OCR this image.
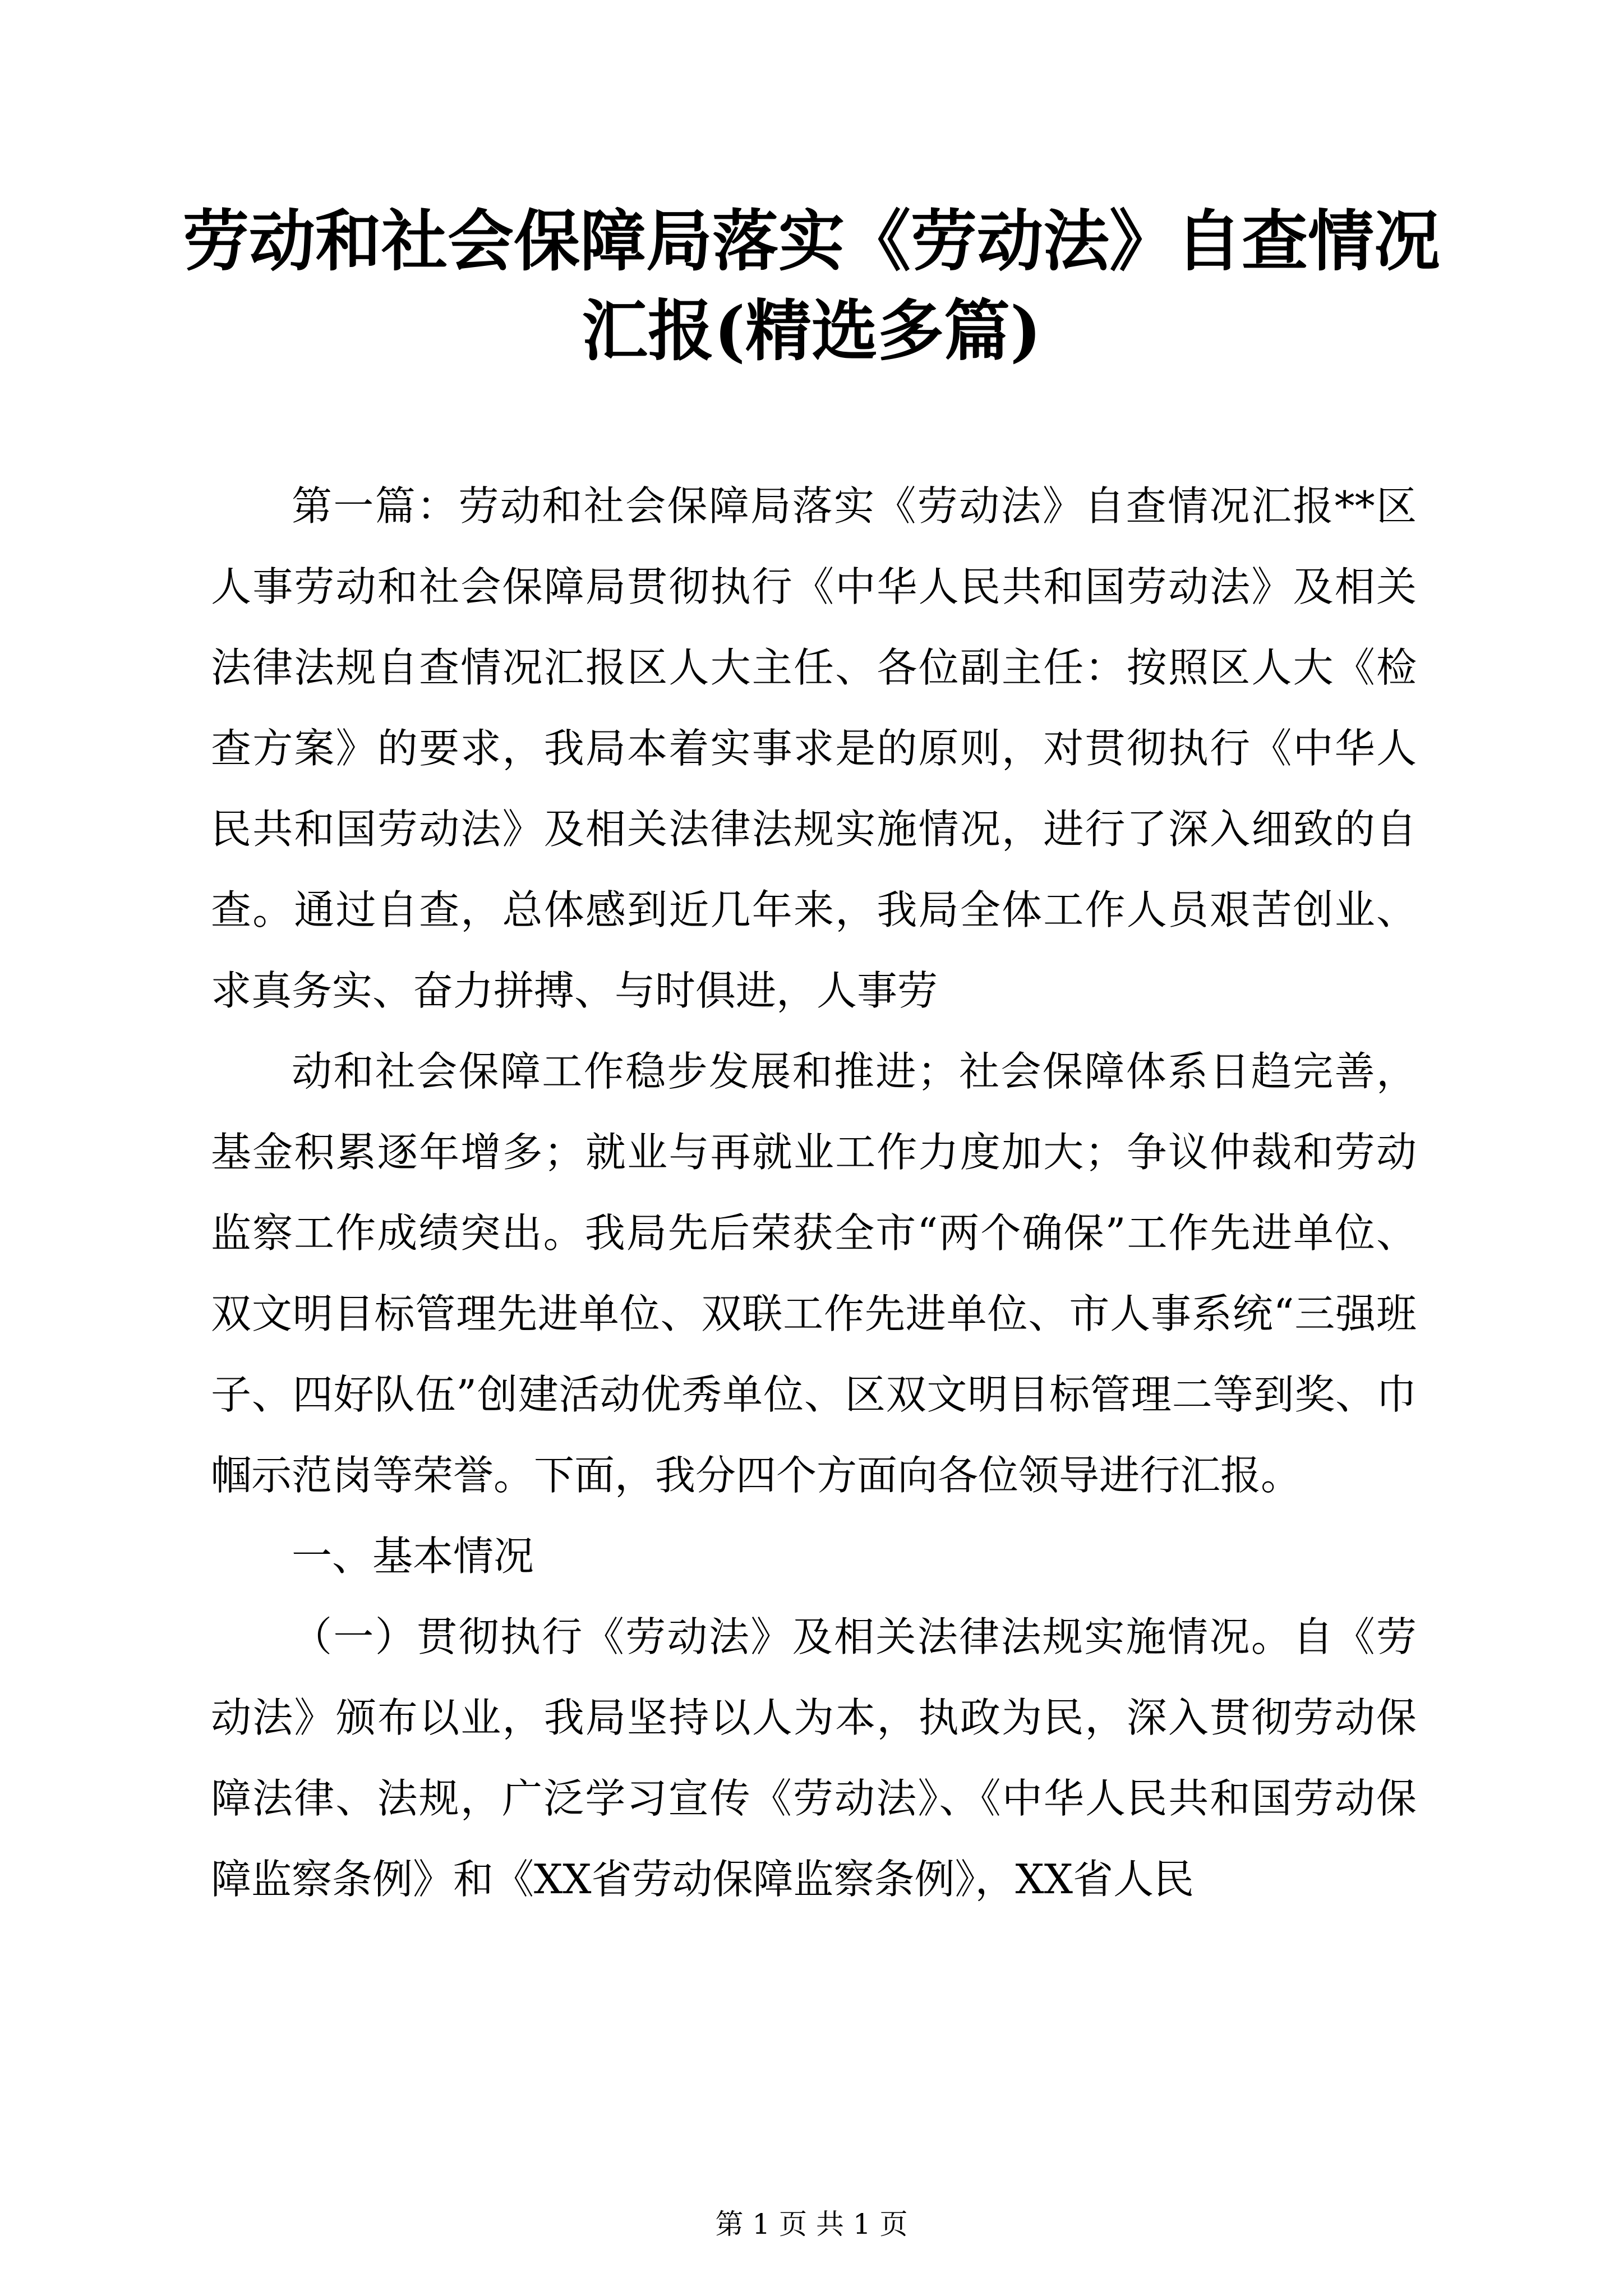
劳动和社会保障局落实《劳动法》自查情况汇报(精选多篇)

第一篇：劳动和社会保障局落实《劳动法》自查情况汇报**区人事劳动和社会保障局贯彻执行《中华人民共和国劳动法》及相关法律法规自查情况汇报区人大主任、各位副主任：按照区人大《检查方案》的要求，我局本着实事求是的原则，对贯彻执行《中华人民共和国劳动法》及相关法律法规实施情况，进行了深入细致的自查。通过自查，总体感到近几年来，我局全体工作人员艰苦创业、求真务实、奋力拼搏、与时俱进，人事劳

动和社会保障工作稳步发展和推进；社会保障体系日趋完善，基金积累逐年增多；就业与再就业工作力度加大；争议仲裁和劳动监察工作成绩突出。我局先后荣获全市“两个确保”工作先进单位、双文明目标管理先进单位、双联工作先进单位、市人事系统“三强班子、四好队伍”创建活动优秀单位、区双文明目标管理二等到奖、巾帼示范岗等荣誉。下面，我分四个方面向各位领导进行汇报。

一、基本情况

（一）贯彻执行《劳动法》及相关法律法规实施情况。自《劳动法》颁布以业，我局坚持以人为本，执政为民，深入贯彻劳动保障法律、法规，广泛学习宣传《劳动法》、《中华人民共和国劳动保障监察条例》和《XX省劳动保障监察条例》，XX省人民

第 1 页 共 1 页
